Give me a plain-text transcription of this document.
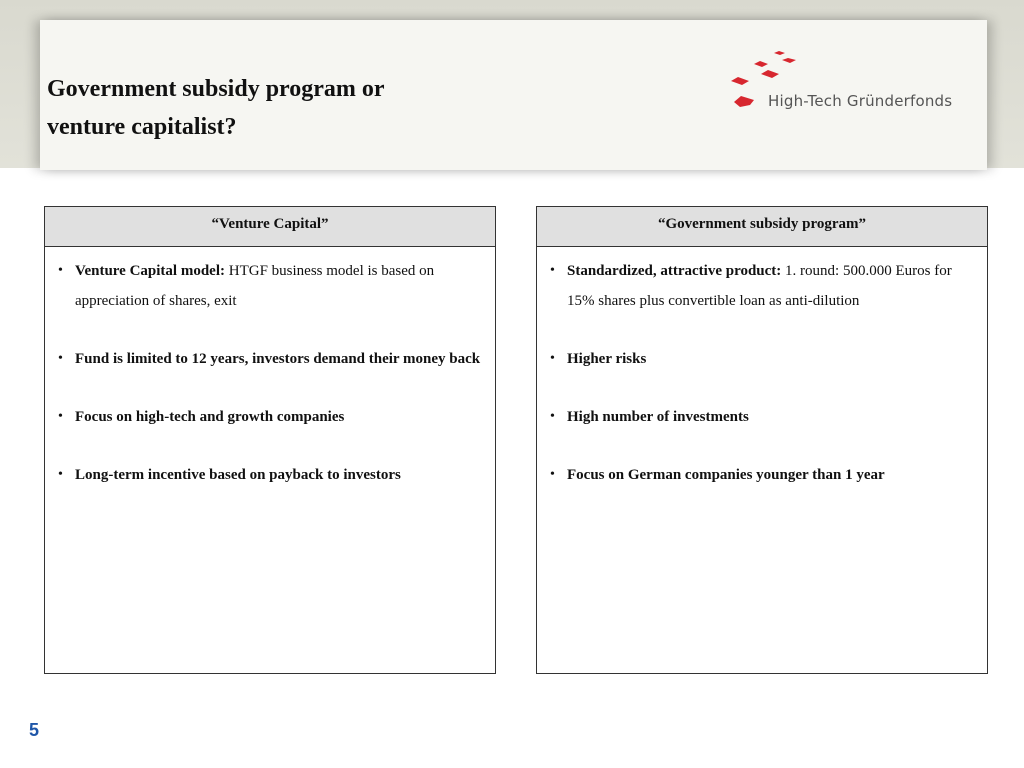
Government subsidy program or
venture capitalist?
High-Tech Gründerfonds
“Venture Capital”
• Venture Capital model: HTGF business model is based on appreciation of shares, exit
• Fund is limited to 12 years, investors demand their money back
• Focus on high-tech and growth companies
• Long-term incentive based on payback to investors
“Government subsidy program”
• Standardized, attractive product: 1. round: 500.000 Euros for 15% shares plus convertible loan as anti-dilution
• Higher risks
• High number of investments
• Focus on German companies younger than 1 year
5
